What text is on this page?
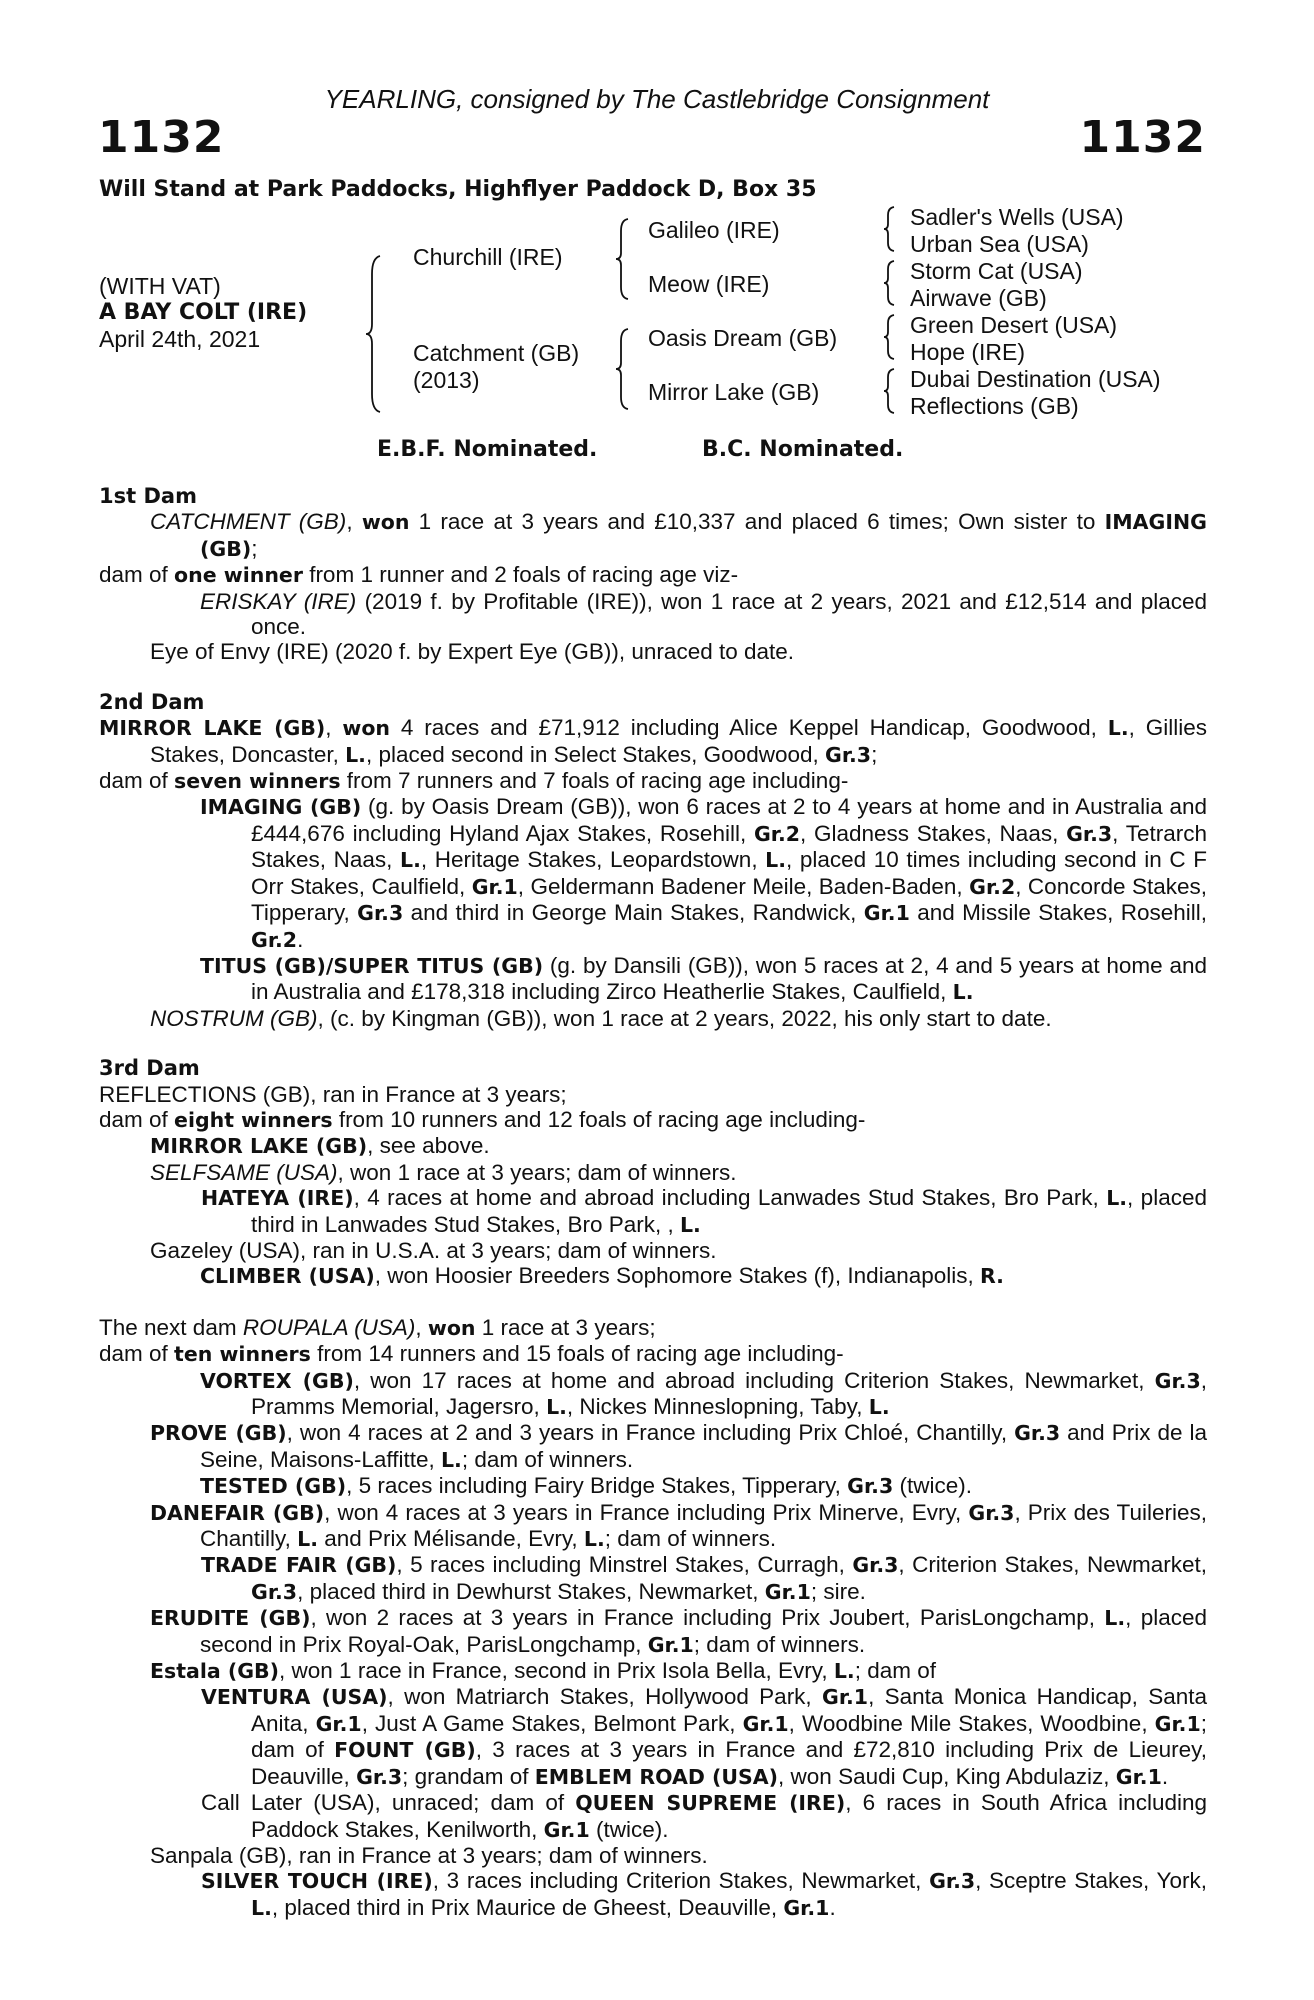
YEARLING, consigned by The Castlebridge Consignment
1132	1132
Will Stand at Park Paddocks, Highflyer Paddock D, Box 35
(WITH VAT)
A BAY COLT (IRE)
April 24th, 2021
Churchill (IRE)
Catchment (GB)
(2013)
Galileo (IRE)
Meow (IRE)
Oasis Dream (GB)
Mirror Lake (GB)
Sadler's Wells (USA)
Urban Sea (USA)
Storm Cat (USA)
Airwave (GB)
Green Desert (USA)
Hope (IRE)
Dubai Destination (USA)
Reflections (GB)
E.B.F. Nominated.	B.C. Nominated.
1st Dam
CATCHMENT (GB), won 1 race at 3 years and £10,337 and placed 6 times; Own sister to IMAGING (GB);
dam of one winner from 1 runner and 2 foals of racing age viz-
ERISKAY (IRE) (2019 f. by Profitable (IRE)), won 1 race at 2 years, 2021 and £12,514 and placed once.
Eye of Envy (IRE) (2020 f. by Expert Eye (GB)), unraced to date.
2nd Dam
MIRROR LAKE (GB), won 4 races and £71,912 including Alice Keppel Handicap, Goodwood, L., Gillies Stakes, Doncaster, L., placed second in Select Stakes, Goodwood, Gr.3;
dam of seven winners from 7 runners and 7 foals of racing age including-
IMAGING (GB) (g. by Oasis Dream (GB)), won 6 races at 2 to 4 years at home and in Australia and £444,676 including Hyland Ajax Stakes, Rosehill, Gr.2, Gladness Stakes, Naas, Gr.3, Tetrarch Stakes, Naas, L., Heritage Stakes, Leopardstown, L., placed 10 times including second in C F Orr Stakes, Caulfield, Gr.1, Geldermann Badener Meile, Baden-Baden, Gr.2, Concorde Stakes, Tipperary, Gr.3 and third in George Main Stakes, Randwick, Gr.1 and Missile Stakes, Rosehill, Gr.2.
TITUS (GB)/SUPER TITUS (GB) (g. by Dansili (GB)), won 5 races at 2, 4 and 5 years at home and in Australia and £178,318 including Zirco Heatherlie Stakes, Caulfield, L.
NOSTRUM (GB), (c. by Kingman (GB)), won 1 race at 2 years, 2022, his only start to date.
3rd Dam
REFLECTIONS (GB), ran in France at 3 years;
dam of eight winners from 10 runners and 12 foals of racing age including-
MIRROR LAKE (GB), see above.
SELFSAME (USA), won 1 race at 3 years; dam of winners.
HATEYA (IRE), 4 races at home and abroad including Lanwades Stud Stakes, Bro Park, L., placed third in Lanwades Stud Stakes, Bro Park, , L.
Gazeley (USA), ran in U.S.A. at 3 years; dam of winners.
CLIMBER (USA), won Hoosier Breeders Sophomore Stakes (f), Indianapolis, R.
The next dam ROUPALA (USA), won 1 race at 3 years;
dam of ten winners from 14 runners and 15 foals of racing age including-
VORTEX (GB), won 17 races at home and abroad including Criterion Stakes, Newmarket, Gr.3, Pramms Memorial, Jagersro, L., Nickes Minneslopning, Taby, L.
PROVE (GB), won 4 races at 2 and 3 years in France including Prix Chloé, Chantilly, Gr.3 and Prix de la Seine, Maisons-Laffitte, L.; dam of winners.
TESTED (GB), 5 races including Fairy Bridge Stakes, Tipperary, Gr.3 (twice).
DANEFAIR (GB), won 4 races at 3 years in France including Prix Minerve, Evry, Gr.3, Prix des Tuileries, Chantilly, L. and Prix Mélisande, Evry, L.; dam of winners.
TRADE FAIR (GB), 5 races including Minstrel Stakes, Curragh, Gr.3, Criterion Stakes, Newmarket, Gr.3, placed third in Dewhurst Stakes, Newmarket, Gr.1; sire.
ERUDITE (GB), won 2 races at 3 years in France including Prix Joubert, ParisLongchamp, L., placed second in Prix Royal-Oak, ParisLongchamp, Gr.1; dam of winners.
Estala (GB), won 1 race in France, second in Prix Isola Bella, Evry, L.; dam of
VENTURA (USA), won Matriarch Stakes, Hollywood Park, Gr.1, Santa Monica Handicap, Santa Anita, Gr.1, Just A Game Stakes, Belmont Park, Gr.1, Woodbine Mile Stakes, Woodbine, Gr.1; dam of FOUNT (GB), 3 races at 3 years in France and £72,810 including Prix de Lieurey, Deauville, Gr.3; grandam of EMBLEM ROAD (USA), won Saudi Cup, King Abdulaziz, Gr.1.
Call Later (USA), unraced; dam of QUEEN SUPREME (IRE), 6 races in South Africa including Paddock Stakes, Kenilworth, Gr.1 (twice).
Sanpala (GB), ran in France at 3 years; dam of winners.
SILVER TOUCH (IRE), 3 races including Criterion Stakes, Newmarket, Gr.3, Sceptre Stakes, York, L., placed third in Prix Maurice de Gheest, Deauville, Gr.1.
